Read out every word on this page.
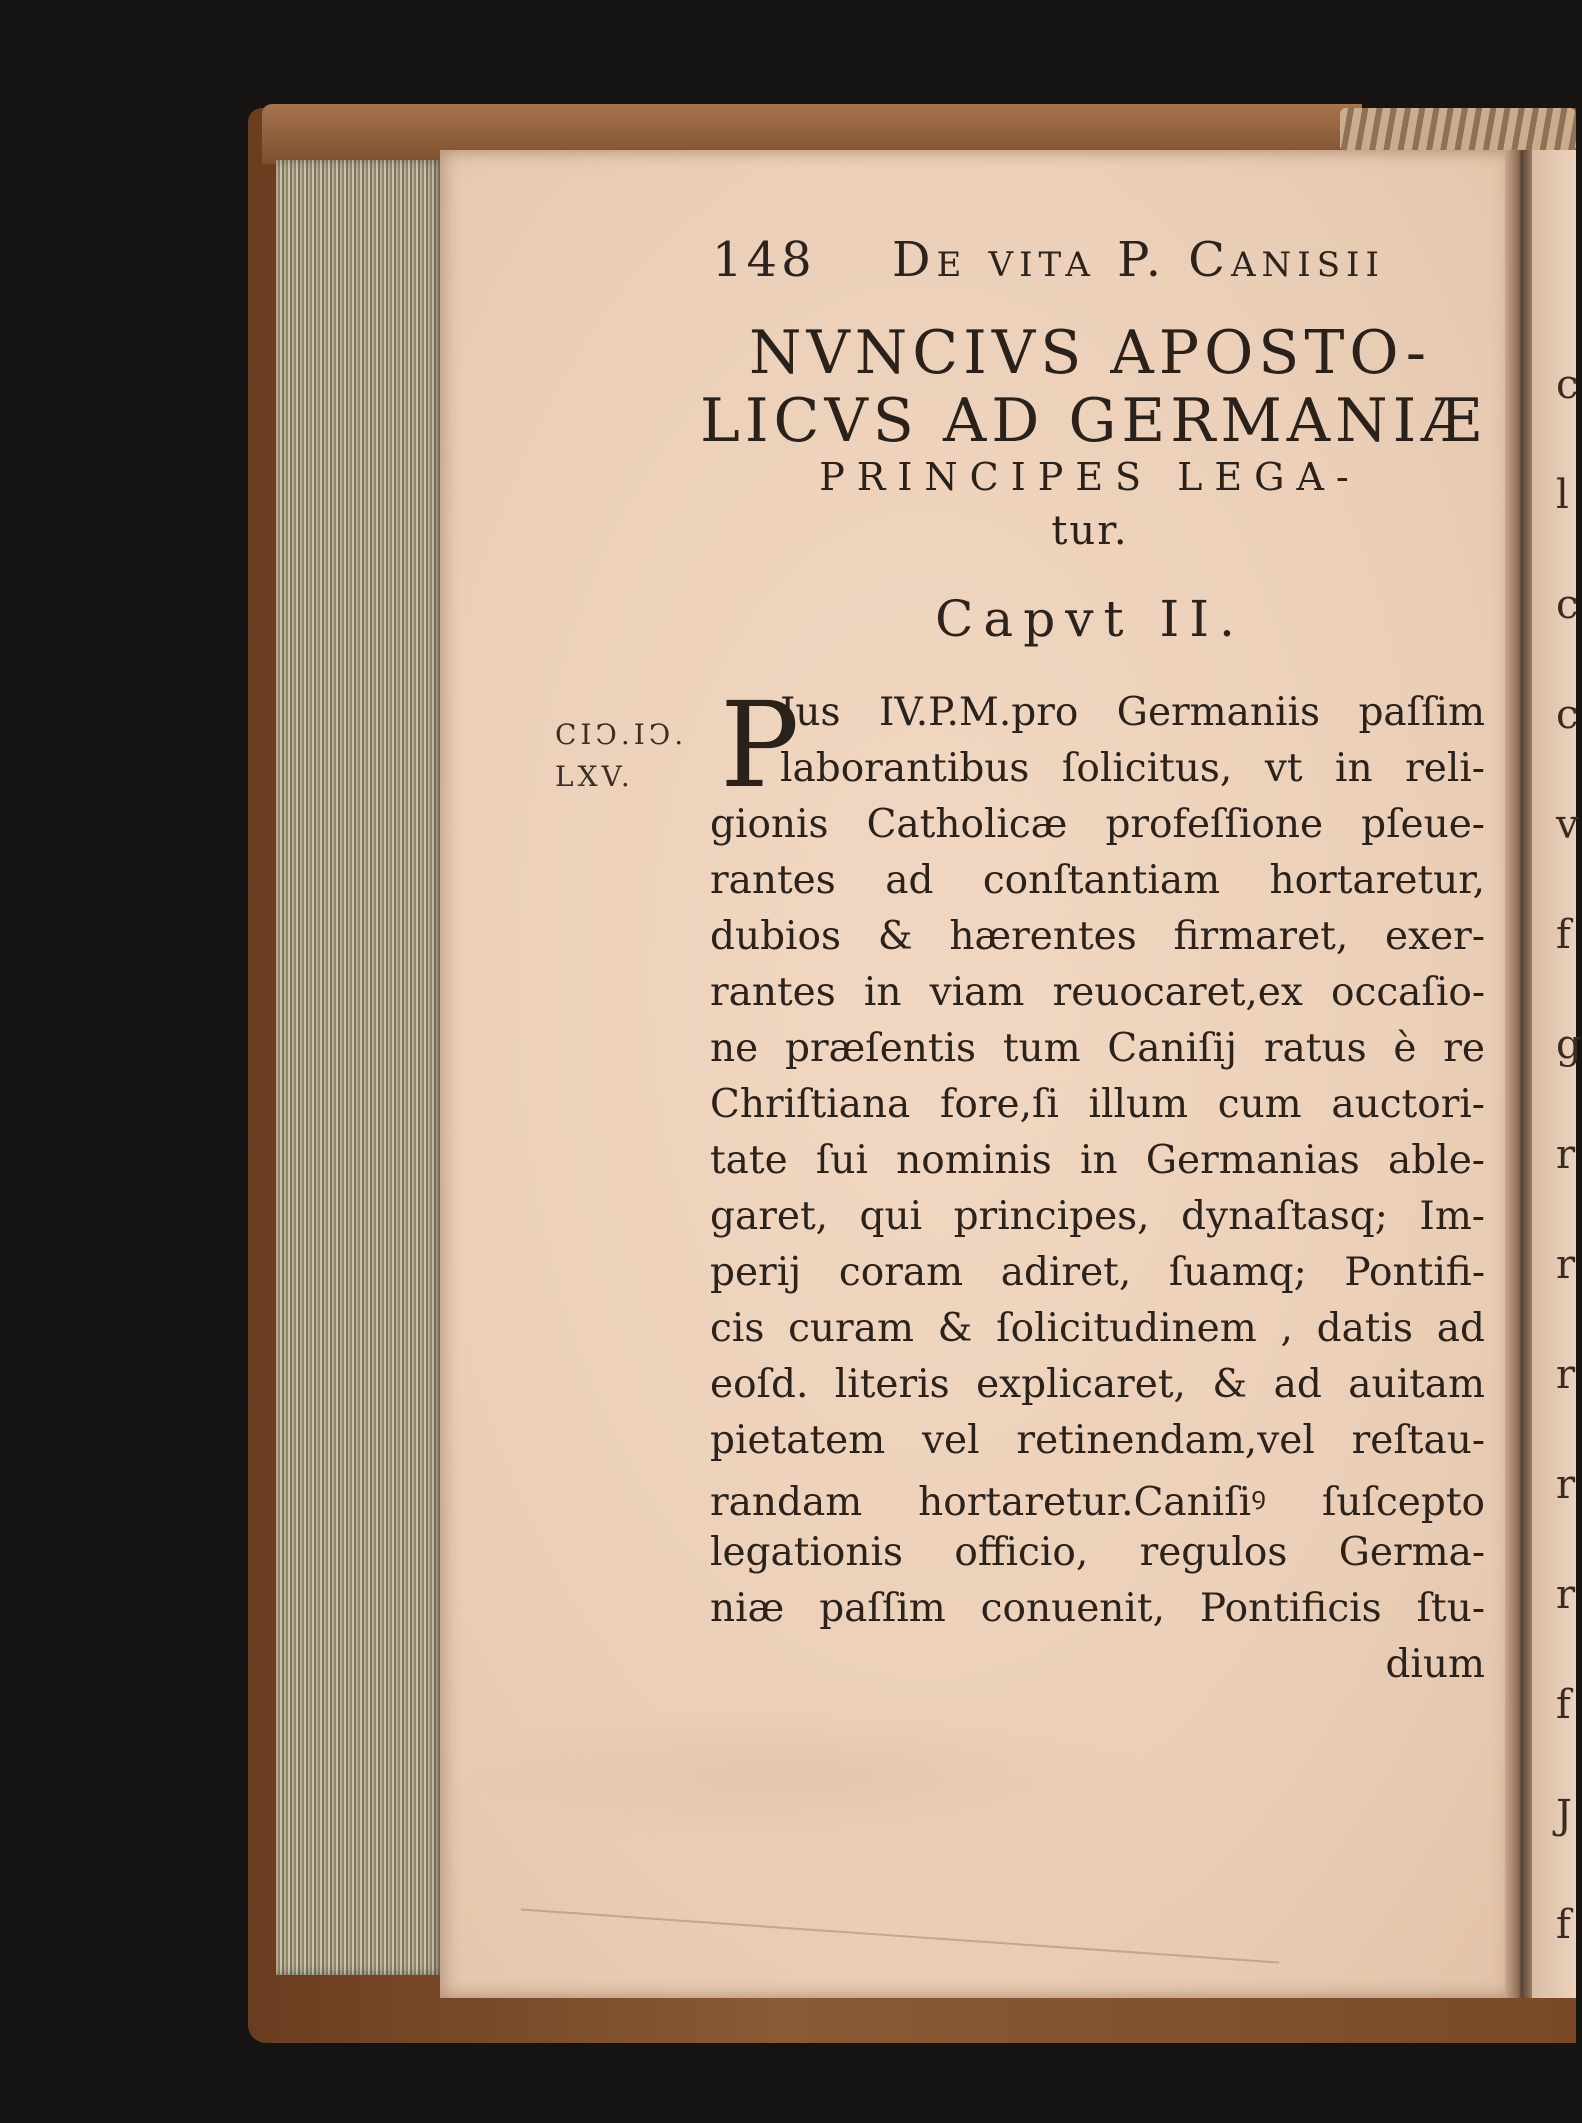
c
l
c
c
v
f
g
r
r
r
r
r
f
J
f
148 De vita P. Canisii
NVNCIVS APOSTO-
LICVS AD GERMANIÆ
PRINCIPES LEGA-
tur.
Capvt II.
CIↃ.IↃ.
LXV. P
Ius IV.P.M.pro Germaniis paſſim
laborantibus ſolicitus, vt in reli-
gionis Catholicæ profeſſione pſeue-
rantes ad conſtantiam hortaretur,
dubios & hærentes firmaret, exer-
rantes in viam reuocaret,ex occaſio-
ne præſentis tum Caniſij ratus è re
Chriſtiana fore,ſi illum cum auctori-
tate ſui nominis in Germanias able-
garet, qui principes, dynaſtasq; Im-
perij coram adiret, ſuamq; Pontifi-
cis curam & ſolicitudinem , datis ad
eoſd. literis explicaret, & ad auitam
pietatem vel retinendam,vel reſtau-
randam hortaretur.Caniſiꝰ ſuſcepto
legationis officio, regulos Germa-
niæ paſſim conuenit, Pontificis ſtu-
dium
